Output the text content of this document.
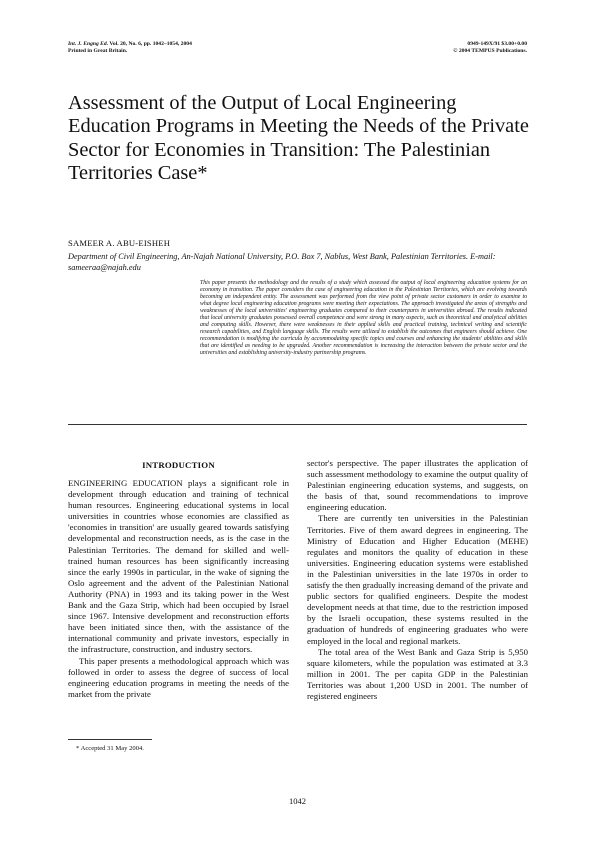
Int. J. Engng Ed. Vol. 20, No. 6, pp. 1042–1054, 2004
Printed in Great Britain.
0949-149X/91 $3.00+0.00
© 2004 TEMPUS Publications.
Assessment of the Output of Local Engineering Education Programs in Meeting the Needs of the Private Sector for Economies in Transition: The Palestinian Territories Case*
SAMEER A. ABU-EISHEH
Department of Civil Engineering, An-Najah National University, P.O. Box 7, Nablus, West Bank, Palestinian Territories. E-mail: sameeraa@najah.edu
This paper presents the methodology and the results of a study which assessed the output of local engineering education systems for an economy in transition. The paper considers the case of engineering education in the Palestinian Territories, which are evolving towards becoming an independent entity. The assessment was performed from the view point of private sector customers in order to examine to what degree local engineering education programs were meeting their expectations. The approach investigated the areas of strengths and weaknesses of the local universities' engineering graduates compared to their counterparts in universities abroad. The results indicated that local university graduates possessed overall competence and were strong in many aspects, such as theoretical and analytical abilities and computing skills. However, there were weaknesses in their applied skills and practical training, technical writing and scientific research capabilities, and English language skills. The results were utilized to establish the outcomes that engineers should achieve. One recommendation is modifying the curricula by accommodating specific topics and courses and enhancing the students' abilities and skills that are identified as needing to be upgraded. Another recommendation is increasing the interaction between the private sector and the universities and establishing university-industry partnership programs.
INTRODUCTION

ENGINEERING EDUCATION plays a significant role in development through education and training of technical human resources. Engineering educational systems in local universities in countries whose economies are classified as 'economies in transition' are usually geared towards satisfying developmental and reconstruction needs, as is the case in the Palestinian Territories. The demand for skilled and well-trained human resources has been significantly increasing since the early 1990s in particular, in the wake of signing the Oslo agreement and the advent of the Palestinian National Authority (PNA) in 1993 and its taking power in the West Bank and the Gaza Strip, which had been occupied by Israel since 1967. Intensive development and reconstruction efforts have been initiated since then, with the assistance of the international community and private investors, especially in the infrastructure, construction, and industry sectors.

This paper presents a methodological approach which was followed in order to assess the degree of success of local engineering education programs in meeting the needs of the market from the private

sector's perspective. The paper illustrates the application of such assessment methodology to examine the output quality of Palestinian engineering education systems, and suggests, on the basis of that, sound recommendations to improve engineering education.

There are currently ten universities in the Palestinian Territories. Five of them award degrees in engineering. The Ministry of Education and Higher Education (MEHE) regulates and monitors the quality of education in these universities. Engineering education systems were established in the Palestinian universities in the late 1970s in order to satisfy the then gradually increasing demand of the private and public sectors for qualified engineers. Despite the modest development needs at that time, due to the restriction imposed by the Israeli occupation, these systems resulted in the graduation of hundreds of engineering graduates who were employed in the local and regional markets.

The total area of the West Bank and Gaza Strip is 5,950 square kilometers, while the population was estimated at 3.3 million in 2001. The per capita GDP in the Palestinian Territories was about 1,200 USD in 2001. The number of registered engineers

* Accepted 31 May 2004.
1042
